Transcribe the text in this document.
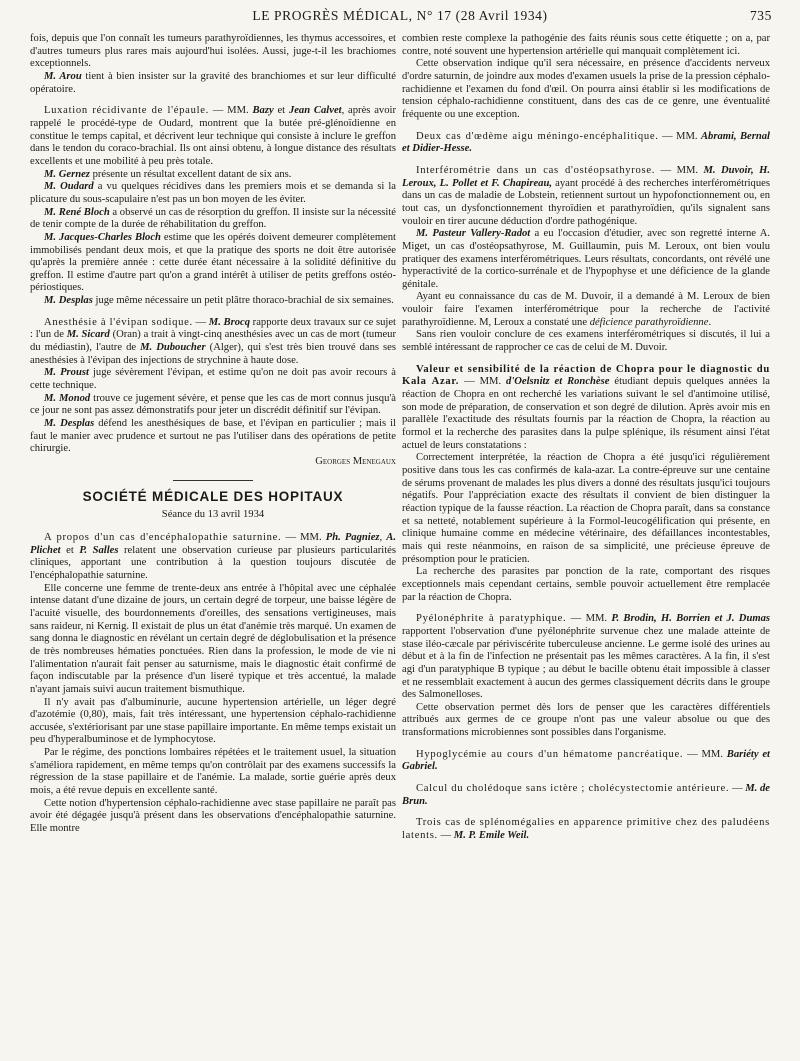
LE PROGRÈS MÉDICAL, N° 17 (28 Avril 1934)	735

fois, depuis que l'on connaît les tumeurs parathyroïdiennes, les thymus accessoires, et d'autres tumeurs plus rares mais aujourd'hui isolées. Aussi, juge-t-il les brachiomes exceptionnels.

M. Arou tient à bien insister sur la gravité des branchiomes et sur leur difficulté opératoire.

Luxation récidivante de l'épaule. — MM. Bazy et Jean Calvet, après avoir rappelé le procédé-type de Oudard, montrent que la butée pré-glénoïdienne en constitue le temps capital, et décrivent leur technique qui consiste à inclure le greffon dans le tendon du coraco-brachial. Ils ont ainsi obtenu, à longue distance des résultats excellents et une mobilité à peu près totale.

M. Gernez présente un résultat excellent datant de six ans.

M. Oudard a vu quelques récidives dans les premiers mois et se demanda si la plicature du sous-scapulaire n'est pas un bon moyen de les éviter.

M. René Bloch a observé un cas de résorption du greffon. Il insiste sur la nécessité de tenir compte de la durée de réhabilitation du greffon.

M. Jacques-Charles Bloch estime que les opérés doivent demeurer complètement immobilisés pendant deux mois, et que la pratique des sports ne doit être autorisée qu'après la première année : cette durée étant nécessaire à la solidité définitive du greffon. Il estime d'autre part qu'on a grand intérêt à utiliser de petits greffons ostéo-périostiques.

M. Desplas juge même nécessaire un petit plâtre thoraco-brachial de six semaines.

Anesthésie à l'évipan sodique. — M. Brocq rapporte deux travaux sur ce sujet : l'un de M. Sicard (Oran) a trait à vingt-cinq anesthésies avec un cas de mort (tumeur du médiastin), l'autre de M. Duboucher (Alger), qui s'est très bien trouvé dans ses anesthésies à l'évipan des injections de strychnine à haute dose.

M. Proust juge sévèrement l'évipan, et estime qu'on ne doit pas avoir recours à cette technique.

M. Monod trouve ce jugement sévère, et pense que les cas de mort connus jusqu'à ce jour ne sont pas assez démonstratifs pour jeter un discrédit définitif sur l'évipan.

M. Desplas défend les anesthésiques de base, et l'évipan en particulier ; mais il faut le manier avec prudence et surtout ne pas l'utiliser dans des opérations de petite chirurgie.

Georges Menegaux

SOCIÉTÉ MÉDICALE DES HOPITAUX
Séance du 13 avril 1934

A propos d'un cas d'encéphalopathie saturnine. — MM. Ph. Pagniez, A. Plichet et P. Salles relatent une observation curieuse par plusieurs particularités cliniques, apportant une contribution à la question toujours discutée de l'encéphalopathie saturnine.

Elle concerne une femme de trente-deux ans entrée à l'hôpital avec une céphalée intense datant d'une dizaine de jours, un certain degré de torpeur, une baisse légère de l'acuité visuelle, des bourdonnements d'oreilles, des sensations vertigineuses, mais sans raideur, ni Kernig. Il existait de plus un état d'anémie très marqué. Un examen de sang donna le diagnostic en révélant un certain degré de déglobulisation et la présence de très nombreuses hématies ponctuées. Rien dans la profession, le mode de vie ni l'alimentation n'aurait fait penser au saturnisme, mais le diagnostic était confirmé de façon indiscutable par la présence d'un liseré typique et très accentué, la malade n'ayant jamais suivi aucun traitement bismuthique.

Il n'y avait pas d'albuminurie, aucune hypertension artérielle, un léger degré d'azotémie (0,80), mais, fait très intéressant, une hypertension céphalo-rachidienne accusée, s'extériorisant par une stase papillaire importante. En même temps existait un peu d'hyperalbuminose et de lymphocytose.

Par le régime, des ponctions lombaires répétées et le traitement usuel, la situation s'améliora rapidement, en même temps qu'on contrôlait par des examens successifs la régression de la stase papillaire et de l'anémie. La malade, sortie guérie après deux mois, a été revue depuis en excellente santé.

Cette notion d'hypertension céphalo-rachidienne avec stase papillaire ne paraît pas avoir été dégagée jusqu'à présent dans les observations d'encéphalopathie saturnine. Elle montre

combien reste complexe la pathogénie des faits réunis sous cette étiquette ; on a, par contre, noté souvent une hypertension artérielle qui manquait complètement ici.

Cette observation indique qu'il sera nécessaire, en présence d'accidents nerveux d'ordre saturnin, de joindre aux modes d'examen usuels la prise de la pression céphalo-rachidienne et l'examen du fond d'œil. On pourra ainsi établir si les modifications de tension céphalo-rachidienne constituent, dans des cas de ce genre, une éventualité fréquente ou une exception.

Deux cas d'œdème aigu méningo-encéphalitique. — MM. Abrami, Bernal et Didier-Hesse.

Interférométrie dans un cas d'ostéopsathyrose. — MM. M. Duvoir, H. Leroux, L. Pollet et F. Chapireau, ayant procédé à des recherches interférométriques dans un cas de maladie de Lobstein, retiennent surtout un hypofonctionnement ou, en tout cas, un dysfonctionnement thyroïdien et parathyroïdien, qu'ils signalent sans vouloir en tirer aucune déduction d'ordre pathogénique.

M. Pasteur Vallery-Radot a eu l'occasion d'étudier, avec son regretté interne A. Miget, un cas d'ostéopsathyrose, M. Guillaumin, puis M. Leroux, ont bien voulu pratiquer des examens interférométriques. Leurs résultats, concordants, ont révélé une hyperactivité de la cortico-surrénale et de l'hypophyse et une déficience de la glande génitale.

Ayant eu connaissance du cas de M. Duvoir, il a demandé à M. Leroux de bien vouloir faire l'examen interférométrique pour la recherche de l'activité parathyroïdienne. M, Leroux a constaté une déficience parathyroïdienne.

Sans rien vouloir conclure de ces examens interférométriques si discutés, il lui a semblé intéressant de rapprocher ce cas de celui de M. Duvoir.

Valeur et sensibilité de la réaction de Chopra pour le diagnostic du Kala Azar. — MM. d'Oelsnitz et Ronchèse étudiant depuis quelques années la réaction de Chopra en ont recherché les variations suivant le sel d'antimoine utilisé, son mode de préparation, de conservation et son degré de dilution. Après avoir mis en parallèle l'exactitude des résultats fournis par la réaction de Chopra, la réaction au formol et la recherche des parasites dans la pulpe splénique, ils résument ainsi l'état actuel de leurs constatations :

Correctement interprétée, la réaction de Chopra a été jusqu'ici régulièrement positive dans tous les cas confirmés de kala-azar. La contre-épreuve sur une centaine de sérums provenant de malades les plus divers a donné des résultats jusqu'ici toujours négatifs. Pour l'appréciation exacte des résultats il convient de bien distinguer la réaction typique de la fausse réaction. La réaction de Chopra paraît, dans sa constance et sa netteté, notablement supérieure à la Formol-leucogélification qui présente, en clinique humaine comme en médecine vétérinaire, des défaillances incontestables, mais qui reste néanmoins, en raison de sa simplicité, une précieuse épreuve de présomption pour le praticien.

La recherche des parasites par ponction de la rate, comportant des risques exceptionnels mais cependant certains, semble pouvoir actuellement être remplacée par la réaction de Chopra.

Pyélonéphrite à paratyphique. — MM. P. Brodin, H. Borrien et J. Dumas rapportent l'observation d'une pyélonéphrite survenue chez une malade atteinte de stase iléo-cæcale par périviscérite tuberculeuse ancienne. Le germe isolé des urines au début et à la fin de l'infection ne présentait pas les mêmes caractères. A la fin, il s'est agi d'un paratyphique B typique ; au début le bacille obtenu était impossible à classer et ne ressemblait exactement à aucun des germes classiquement décrits dans le groupe des Salmonelloses.

Cette observation permet dès lors de penser que les caractères différentiels attribués aux germes de ce groupe n'ont pas une valeur absolue ou que des transformations microbiennes sont possibles dans l'organisme.

Hypoglycémie au cours d'un hématome pancréatique. — MM. Bariéty et Gabriel.

Calcul du cholédoque sans ictère ; cholécystectomie antérieure. — M. de Brun.

Trois cas de splénomégalies en apparence primitive chez des paludéens latents. — M. P. Emile Weil.
